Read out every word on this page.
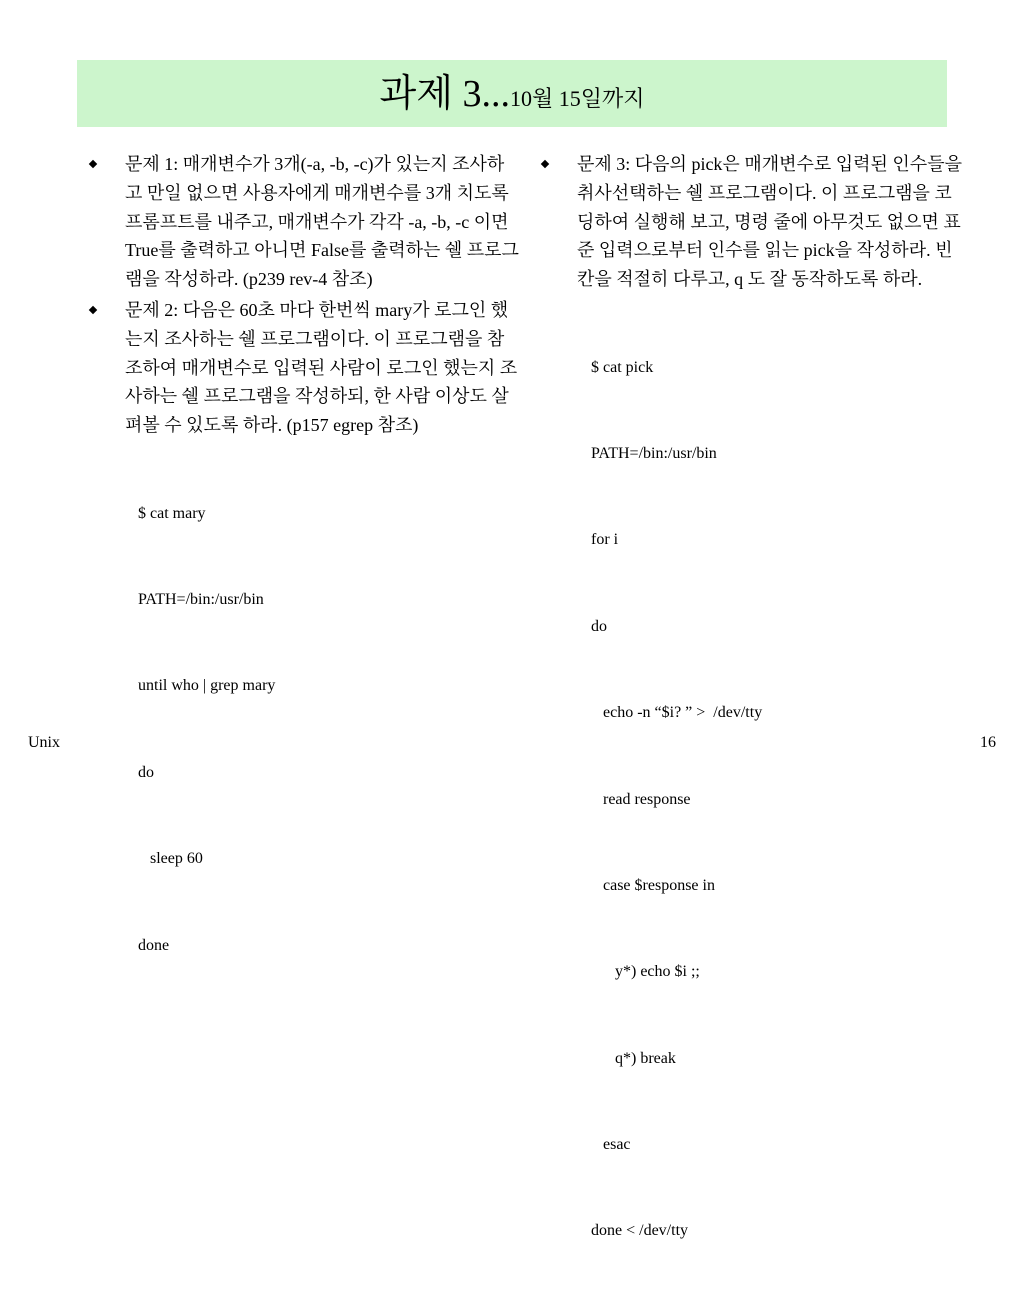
과제 3...10월 15일까지
문제 1: 매개변수가 3개(-a, -b, -c)가 있는지 조사하고 만일 없으면 사용자에게 매개변수를 3개 치도록 프롬프트를 내주고, 매개변수가 각각 -a, -b, -c 이면 True를 출력하고 아니면 False를 출력하는 쉘 프로그램을 작성하라. (p239 rev-4 참조)
문제 2: 다음은 60초 마다 한번씩 mary가 로그인 했는지 조사하는 쉘 프로그램이다. 이 프로그램을 참조하여 매개변수로 입력된 사람이 로그인 했는지 조사하는 쉘 프로그램을 작성하되, 한 사람 이상도 살펴볼 수 있도록 하라. (p157 egrep 참조)

$ cat mary

PATH=/bin:/usr/bin

until who | grep mary

do

sleep 60

done

문제 3: 다음의 pick은 매개변수로 입력된 인수들을 취사선택하는 쉘 프로그램이다. 이 프로그램을 코딩하여 실행해 보고, 명령 줄에 아무것도 없으면 표준 입력으로부터 인수를 읽는 pick을 작성하라. 빈 칸을 적절히 다루고, q 도 잘 동작하도록 하라.

$ cat pick

PATH=/bin:/usr/bin

for i

do

echo -n “$i? ” >  /dev/tty

read response

case $response in

y*) echo $i ;;

q*) break

esac

done < /dev/tty

Unix	16
